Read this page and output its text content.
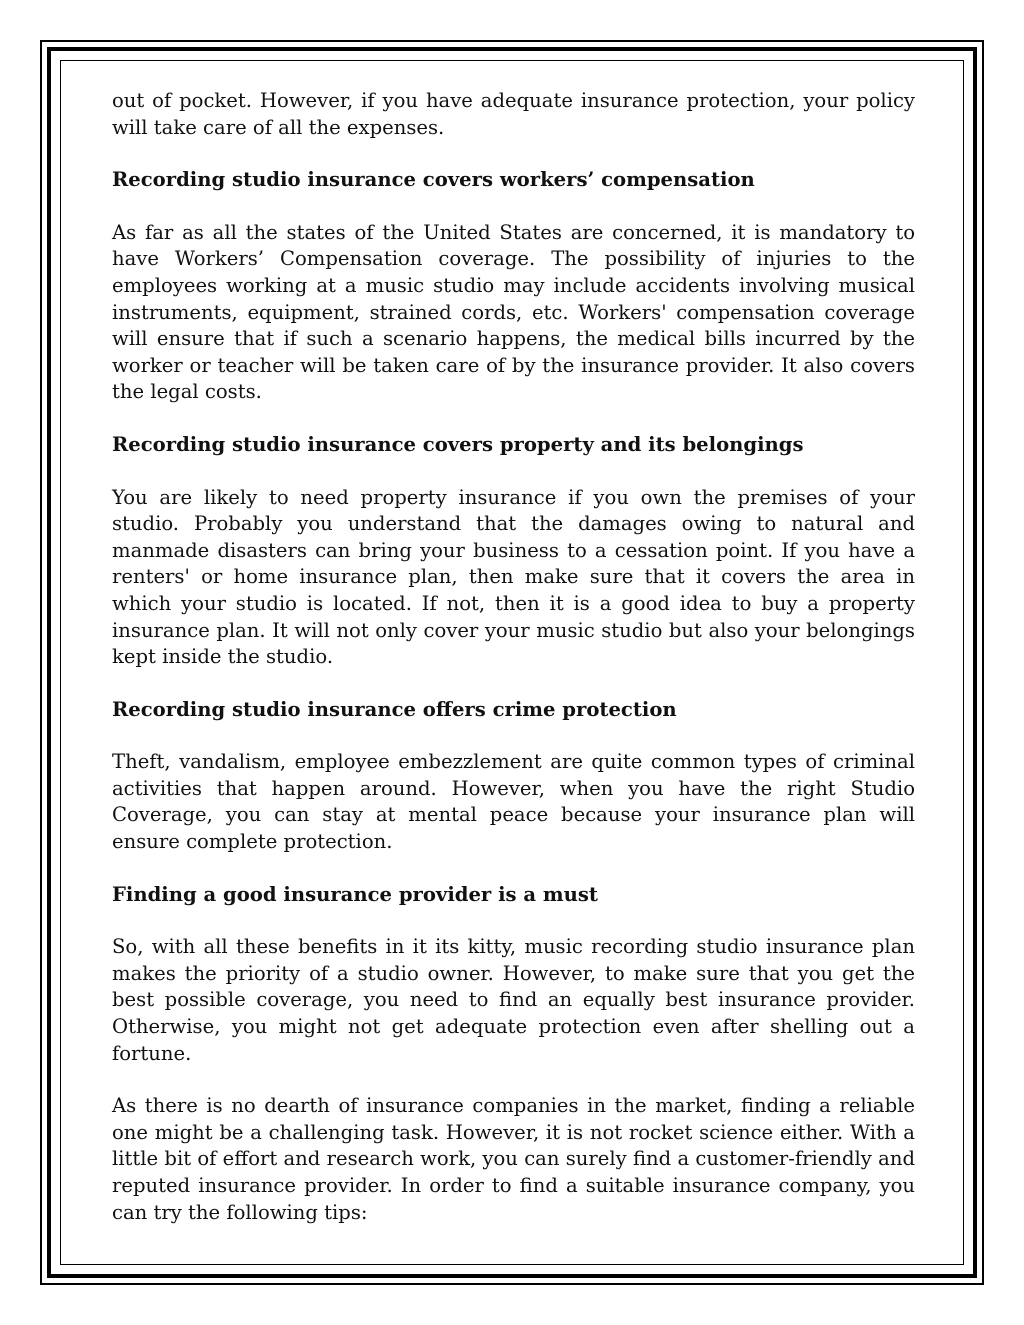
out of pocket. However, if you have adequate insurance protection, your policy will take care of all the expenses.

Recording studio insurance covers workers’ compensation

As far as all the states of the United States are concerned, it is mandatory to have Workers’ Compensation coverage. The possibility of injuries to the employees working at a music studio may include accidents involving musical instruments, equipment, strained cords, etc. Workers' compensation coverage will ensure that if such a scenario happens, the medical bills incurred by the worker or teacher will be taken care of by the insurance provider. It also covers the legal costs.

Recording studio insurance covers property and its belongings

You are likely to need property insurance if you own the premises of your studio. Probably you understand that the damages owing to natural and manmade disasters can bring your business to a cessation point. If you have a renters' or home insurance plan, then make sure that it covers the area in which your studio is located. If not, then it is a good idea to buy a property insurance plan. It will not only cover your music studio but also your belongings kept inside the studio.

Recording studio insurance offers crime protection

Theft, vandalism, employee embezzlement are quite common types of criminal activities that happen around. However, when you have the right Studio Coverage, you can stay at mental peace because your insurance plan will ensure complete protection.

Finding a good insurance provider is a must

So, with all these benefits in it its kitty, music recording studio insurance plan makes the priority of a studio owner. However, to make sure that you get the best possible coverage, you need to find an equally best insurance provider. Otherwise, you might not get adequate protection even after shelling out a fortune.

As there is no dearth of insurance companies in the market, finding a reliable one might be a challenging task. However, it is not rocket science either. With a little bit of effort and research work, you can surely find a customer-friendly and reputed insurance provider. In order to find a suitable insurance company, you can try the following tips:
